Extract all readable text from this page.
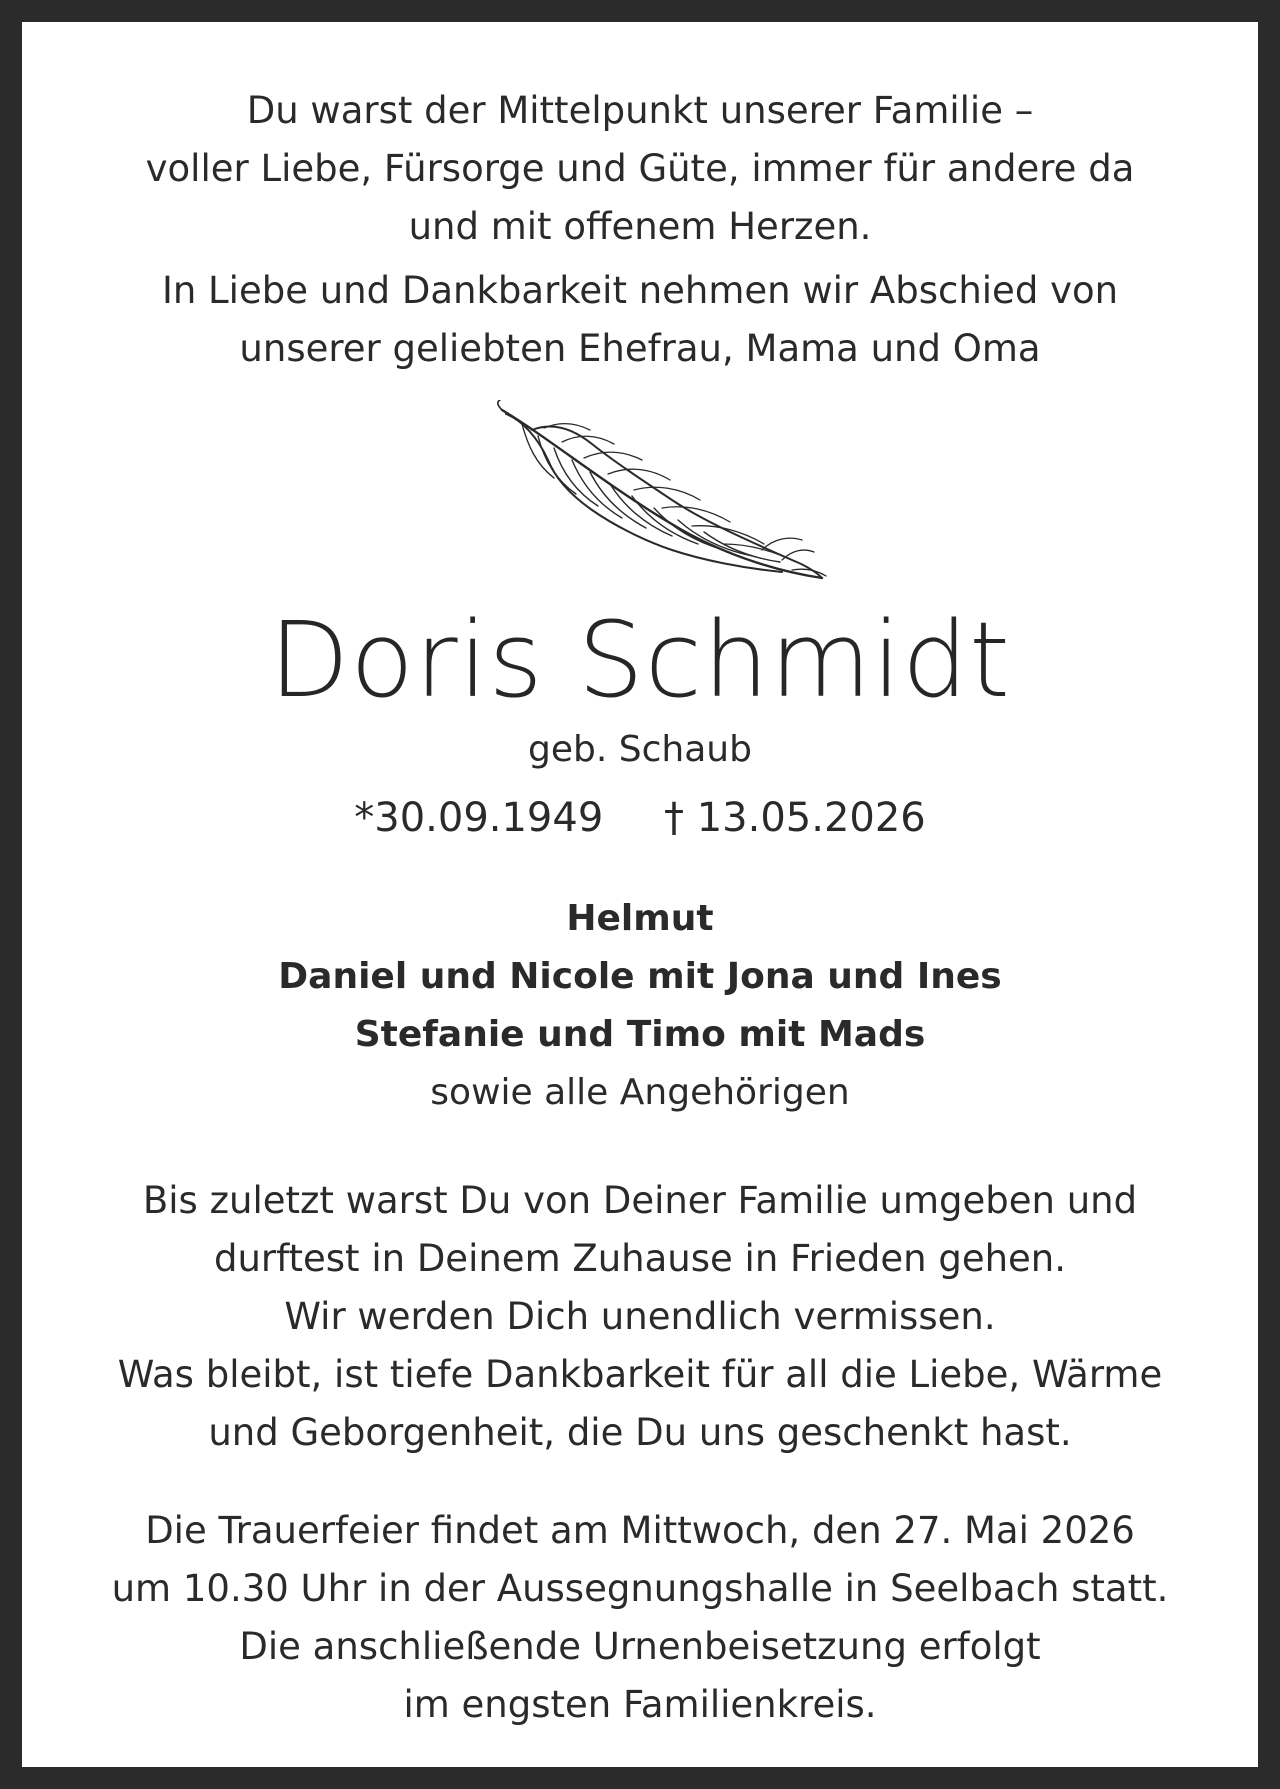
Du warst der Mittelpunkt unserer Familie –
voller Liebe, Fürsorge und Güte, immer für andere da
und mit offenem Herzen.
In Liebe und Dankbarkeit nehmen wir Abschied von
unserer geliebten Ehefrau, Mama und Oma
Doris Schmidt
geb. Schaub
*30.09.1949 † 13.05.2026
Helmut
Daniel und Nicole mit Jona und Ines
Stefanie und Timo mit Mads
sowie alle Angehörigen
Bis zuletzt warst Du von Deiner Familie umgeben und
durftest in Deinem Zuhause in Frieden gehen.
Wir werden Dich unendlich vermissen.
Was bleibt, ist tiefe Dankbarkeit für all die Liebe, Wärme
und Geborgenheit, die Du uns geschenkt hast.
Die Trauerfeier findet am Mittwoch, den 27. Mai 2026
um 10.30 Uhr in der Aussegnungshalle in Seelbach statt.
Die anschließende Urnenbeisetzung erfolgt
im engsten Familienkreis.
